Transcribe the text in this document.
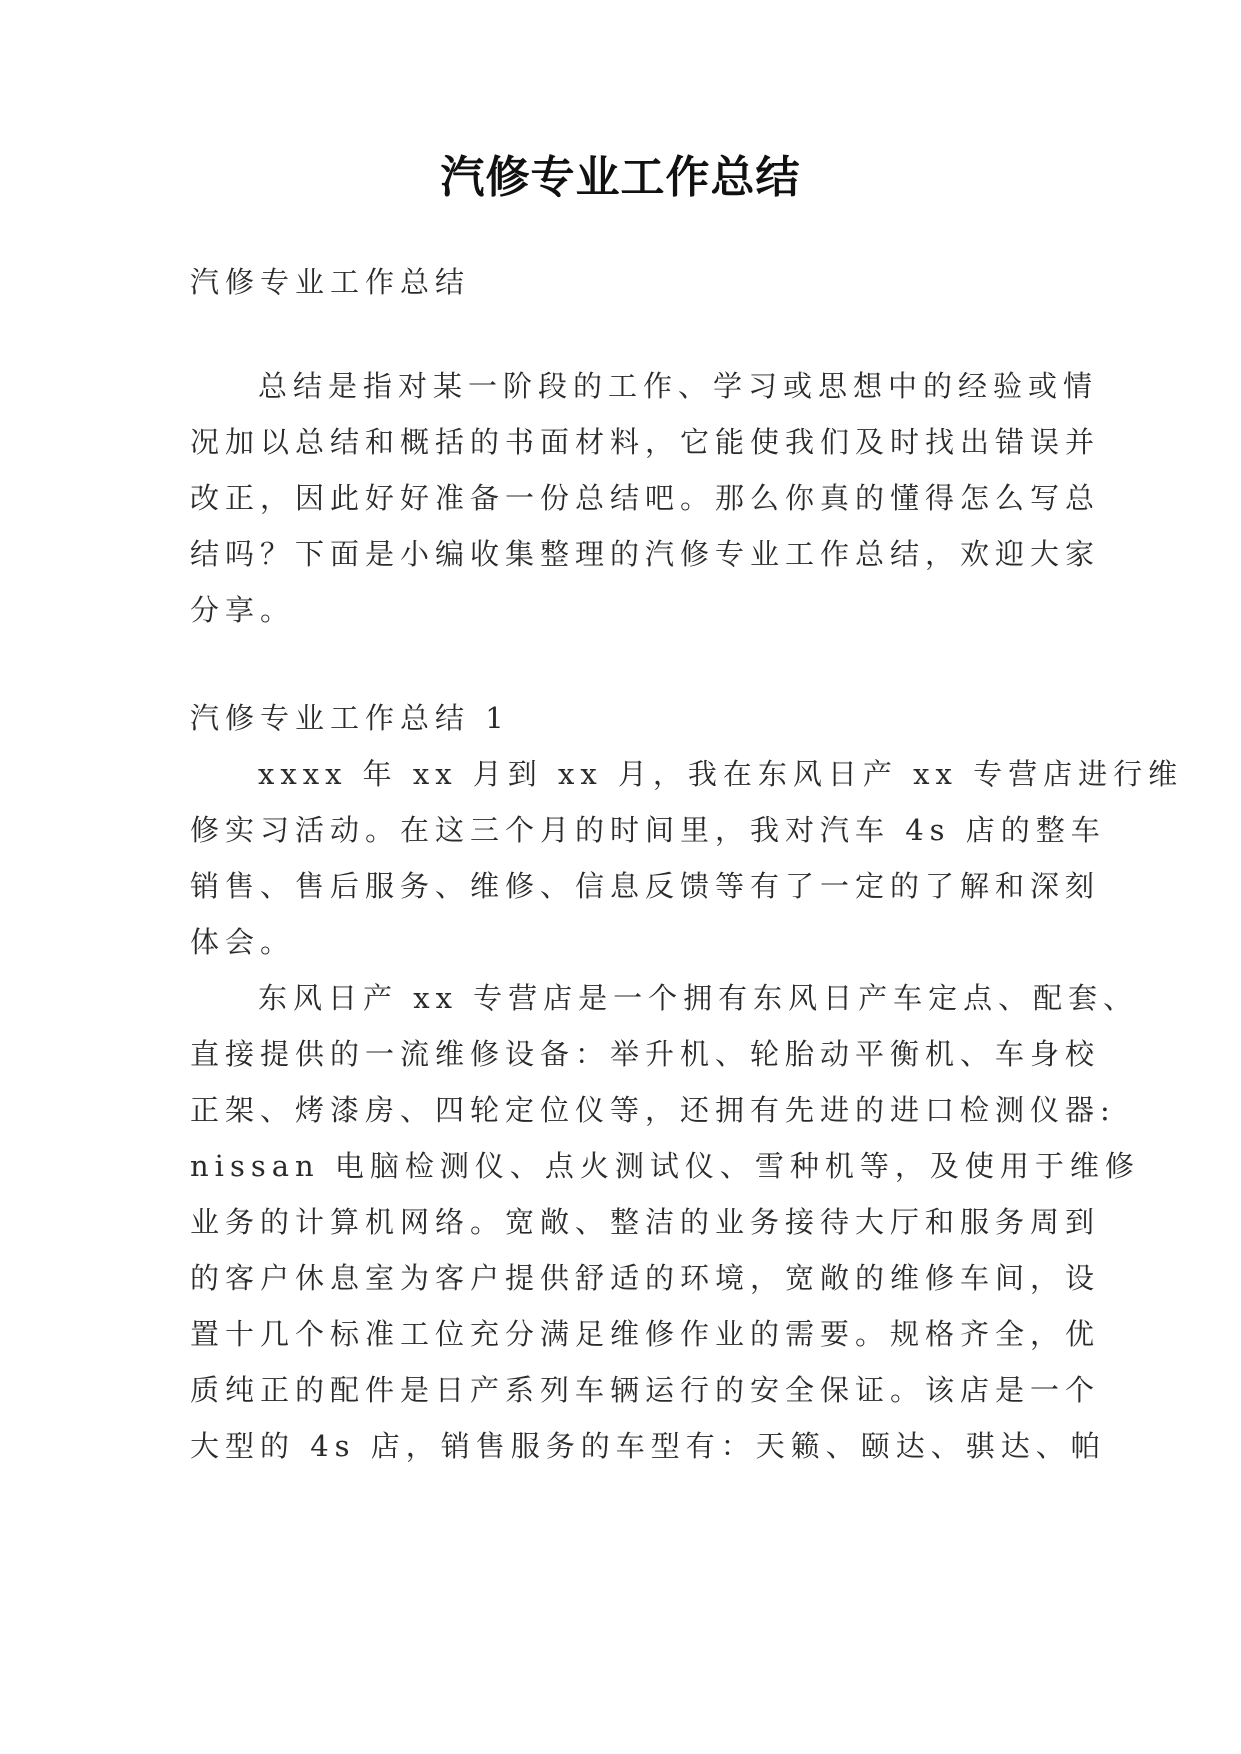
汽修专业工作总结
汽修专业工作总结
总结是指对某一阶段的工作、学习或思想中的经验或情
况加以总结和概括的书面材料，它能使我们及时找出错误并
改正，因此好好准备一份总结吧。那么你真的懂得怎么写总
结吗？下面是小编收集整理的汽修专业工作总结，欢迎大家
分享。
汽修专业工作总结 1
xxxx 年 xx 月到 xx 月，我在东风日产 xx 专营店进行维
修实习活动。在这三个月的时间里，我对汽车 4s 店的整车
销售、售后服务、维修、信息反馈等有了一定的了解和深刻
体会。
东风日产 xx 专营店是一个拥有东风日产车定点、配套、
直接提供的一流维修设备：举升机、轮胎动平衡机、车身校
正架、烤漆房、四轮定位仪等，还拥有先进的进口检测仪器:
nissan 电脑检测仪、点火测试仪、雪种机等，及使用于维修
业务的计算机网络。宽敞、整洁的业务接待大厅和服务周到
的客户休息室为客户提供舒适的环境，宽敞的维修车间，设
置十几个标准工位充分满足维修作业的需要。规格齐全，优
质纯正的配件是日产系列车辆运行的安全保证。该店是一个
大型的 4s 店，销售服务的车型有：天籁、颐达、骐达、帕
